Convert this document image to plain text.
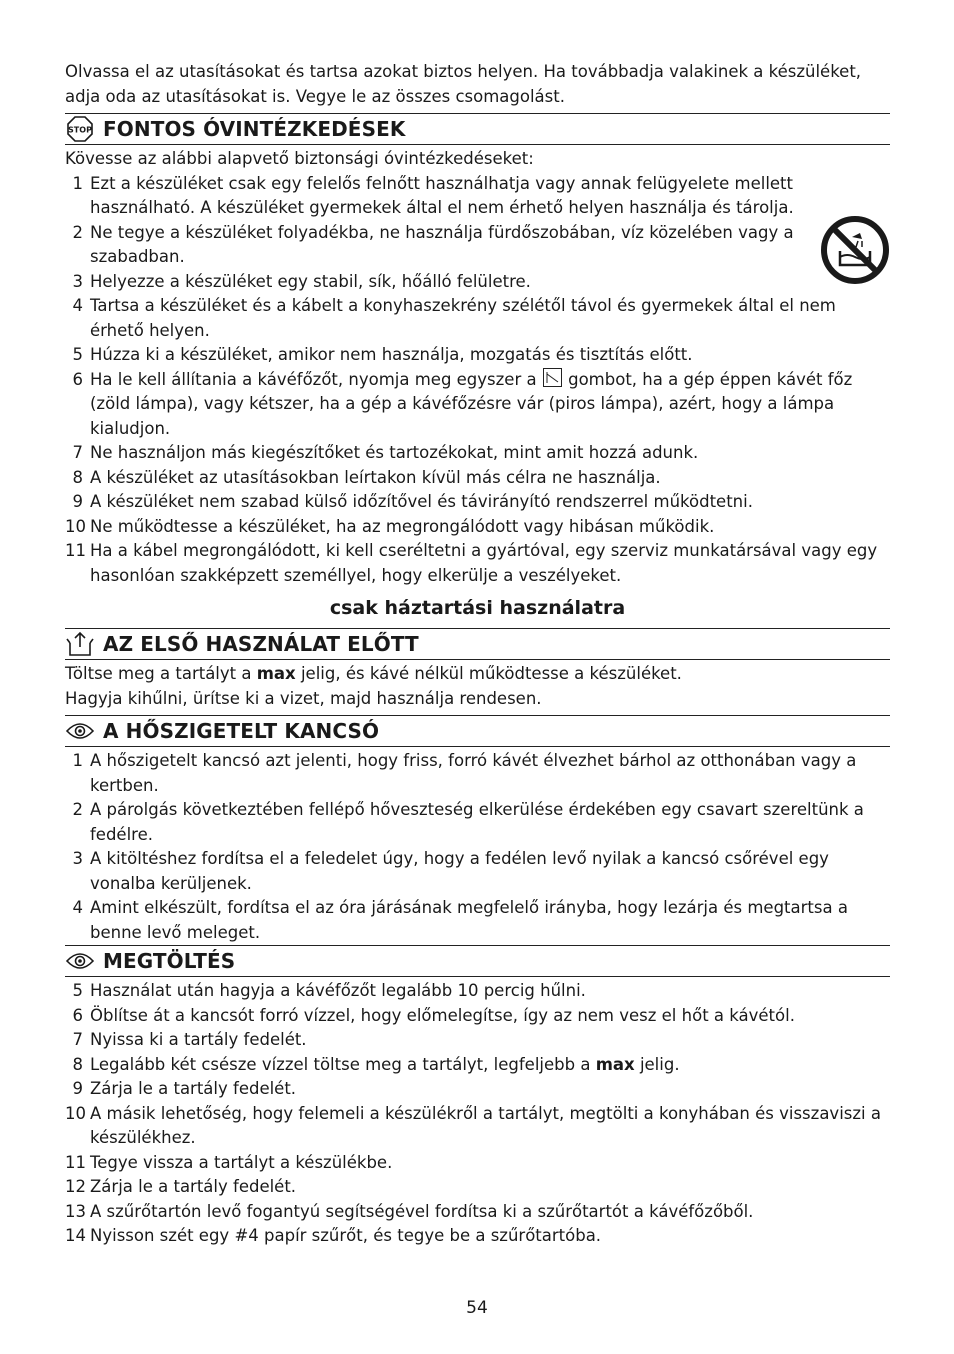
Olvassa el az utasításokat és tartsa azokat biztos helyen. Ha továbbadja valakinek a készüléket,

adja oda az utasításokat is. Vegye le az összes csomagolást.

STOP FONTOS ÓVINTÉZKEDÉSEK

Kövesse az alábbi alapvető biztonsági óvintézkedéseket:

1 Ezt a készüléket csak egy felelős felnőtt használhatja vagy annak felügyelete mellett használható. A készüléket gyermekek által el nem érhető helyen használja és tárolja.
2 Ne tegye a készüléket folyadékba, ne használja fürdőszobában, víz közelében vagy a szabadban.
3 Helyezze a készüléket egy stabil, sík, hőálló felületre.
4 Tartsa a készüléket és a kábelt a konyhaszekrény szélétől távol és gyermekek által el nem érhető helyen.
5 Húzza ki a készüléket, amikor nem használja, mozgatás és tisztítás előtt.
6 Ha le kell állítania a kávéfőzőt, nyomja meg egyszer a gombot, ha a gép éppen kávét főz (zöld lámpa), vagy kétszer, ha a gép a kávéfőzésre vár (piros lámpa), azért, hogy a lámpa kialudjon.
7 Ne használjon más kiegészítőket és tartozékokat, mint amit hozzá adunk.
8 A készüléket az utasításokban leírtakon kívül más célra ne használja.
9 A készüléket nem szabad külső időzítővel és távirányító rendszerrel működtetni.
10 Ne működtesse a készüléket, ha az megrongálódott vagy hibásan működik.
11 Ha a kábel megrongálódott, ki kell cseréltetni a gyártóval, egy szerviz munkatársával vagy egy hasonlóan szakképzett személlyel, hogy elkerülje a veszélyeket.
csak háztartási használatra
AZ ELSŐ HASZNÁLAT ELŐTT

Töltse meg a tartályt a max jelig, és kávé nélkül működtesse a készüléket.

Hagyja kihűlni, ürítse ki a vizet, majd használja rendesen.

A HŐSZIGETELT KANCSÓ
1 A hőszigetelt kancsó azt jelenti, hogy friss, forró kávét élvezhet bárhol az otthonában vagy a kertben.
2 A párolgás következtében fellépő hőveszteség elkerülése érdekében egy csavart szereltünk a fedélre.
3 A kitöltéshez fordítsa el a feledelet úgy, hogy a fedélen levő nyilak a kancsó csőrével egy vonalba kerüljenek.
4 Amint elkészült, fordítsa el az óra járásának megfelelő irányba, hogy lezárja és megtartsa a benne levő meleget.
MEGTÖLTÉS
5 Használat után hagyja a kávéfőzőt legalább 10 percig hűlni.
6 Öblítse át a kancsót forró vízzel, hogy előmelegítse, így az nem vesz el hőt a kávétól.
7 Nyissa ki a tartály fedelét.
8 Legalább két csésze vízzel töltse meg a tartályt, legfeljebb a max jelig.
9 Zárja le a tartály fedelét.
10 A másik lehetőség, hogy felemeli a készülékről a tartályt, megtölti a konyhában és visszaviszi a készülékhez.
11 Tegye vissza a tartályt a készülékbe.
12 Zárja le a tartály fedelét.
13 A szűrőtartón levő fogantyú segítségével fordítsa ki a szűrőtartót a kávéfőzőből.
14 Nyisson szét egy #4 papír szűrőt, és tegye be a szűrőtartóba.
54
